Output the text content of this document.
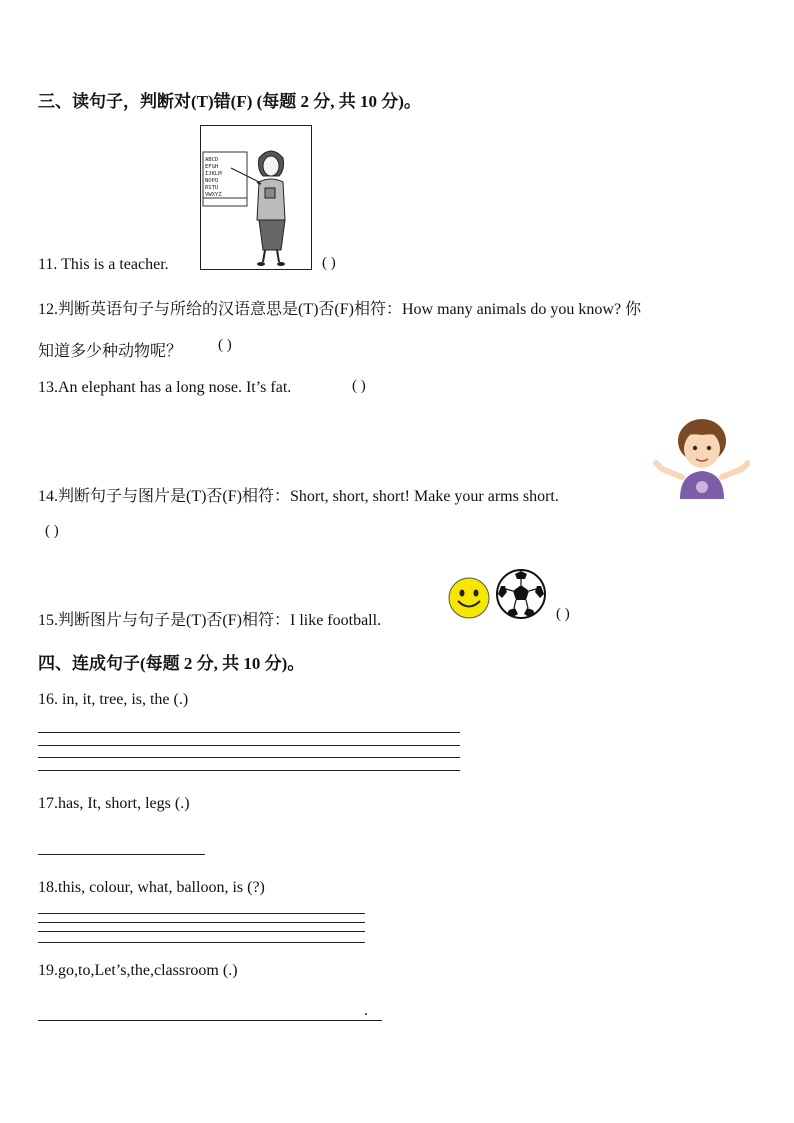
三、读句子，判断对(T)错(F) (每题 2 分, 共 10 分)。
ABCD
EFGH
IJKLM
NOPQ
RSTU
VWXYZ
11. This is a teacher.	( )
12.判断英语句子与所给的汉语意思是(T)否(F)相符：How many animals do you know? 你
知道多少种动物呢？ ( )
13.An elephant has a long nose. It’s fat.	( )
14.判断句子与图片是(T)否(F)相符：Short, short, short! Make your arms short.
( )
15.判断图片与句子是(T)否(F)相符：I like football.	( )
四、连成句子(每题 2 分, 共 10 分)。
16. in, it, tree, is, the (.)
17.has, It, short, legs (.)
18.this, colour, what, balloon, is (?)
19.go,to,Let’s,the,classroom (.)
.
